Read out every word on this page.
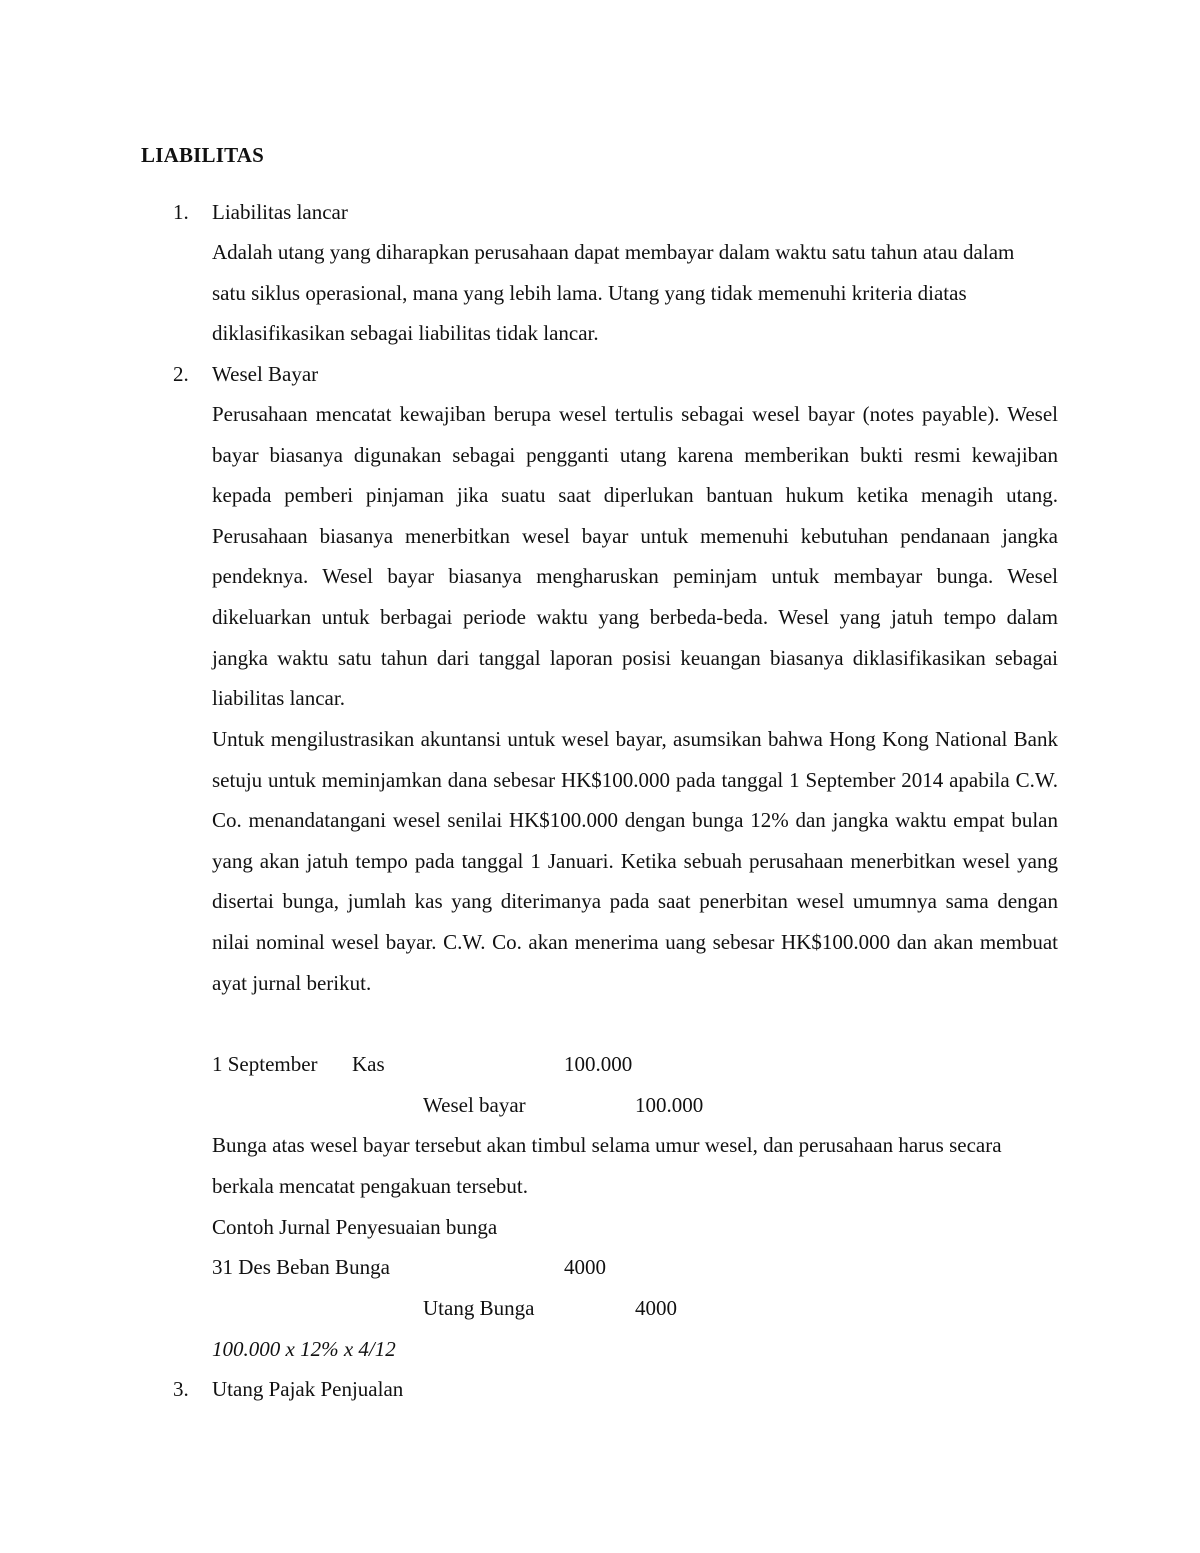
LIABILITAS
1. Liabilitas lancar
Adalah utang yang diharapkan perusahaan dapat membayar dalam waktu satu tahun atau dalam satu siklus operasional, mana yang lebih lama. Utang yang tidak memenuhi kriteria diatas diklasifikasikan sebagai liabilitas tidak lancar.
2. Wesel Bayar
Perusahaan mencatat kewajiban berupa wesel tertulis sebagai wesel bayar (notes payable). Wesel bayar biasanya digunakan sebagai pengganti utang karena memberikan bukti resmi kewajiban kepada pemberi pinjaman jika suatu saat diperlukan bantuan hukum ketika menagih utang. Perusahaan biasanya menerbitkan wesel bayar untuk memenuhi kebutuhan pendanaan jangka pendeknya. Wesel bayar biasanya mengharuskan peminjam untuk membayar bunga. Wesel dikeluarkan untuk berbagai periode waktu yang berbeda-beda. Wesel yang jatuh tempo dalam jangka waktu satu tahun dari tanggal laporan posisi keuangan biasanya diklasifikasikan sebagai liabilitas lancar.
Untuk mengilustrasikan akuntansi untuk wesel bayar, asumsikan bahwa Hong Kong National Bank setuju untuk meminjamkan dana sebesar HK$100.000 pada tanggal 1 September 2014 apabila C.W. Co. menandatangani wesel senilai HK$100.000 dengan bunga 12% dan jangka waktu empat bulan yang akan jatuh tempo pada tanggal 1 Januari. Ketika sebuah perusahaan menerbitkan wesel yang disertai bunga, jumlah kas yang diterimanya pada saat penerbitan wesel umumnya sama dengan nilai nominal wesel bayar. C.W. Co. akan menerima uang sebesar HK$100.000 dan akan membuat ayat jurnal berikut.
1 September Kas	100.000
Wesel bayar	100.000
Bunga atas wesel bayar tersebut akan timbul selama umur wesel, dan perusahaan harus secara berkala mencatat pengakuan tersebut.
Contoh Jurnal Penyesuaian bunga
31 Des Beban Bunga	4000
Utang Bunga	4000
100.000 x 12% x 4/12
3. Utang Pajak Penjualan
